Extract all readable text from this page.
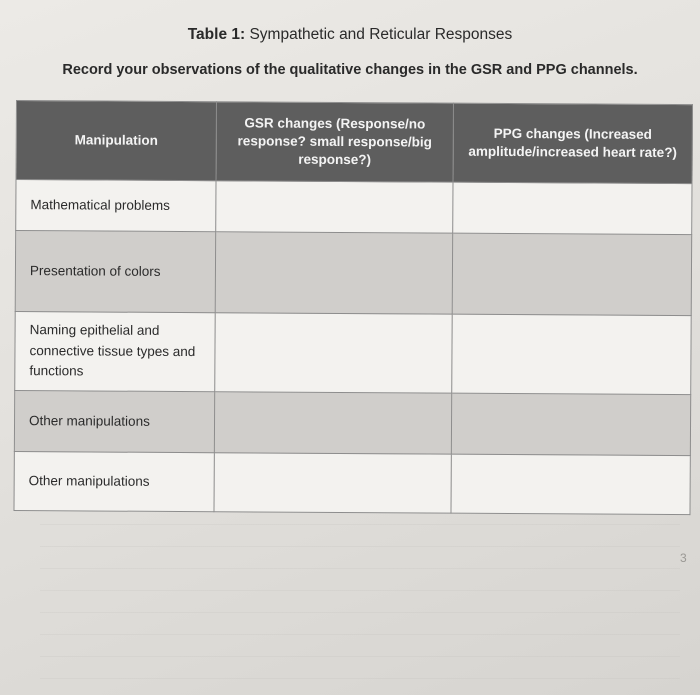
Table 1: Sympathetic and Reticular Responses
Record your observations of the qualitative changes in the GSR and PPG channels.
Manipulation	GSR changes (Response/no response? small response/big response?)	PPG changes (Increased amplitude/increased heart rate?)
Mathematical problems		
Presentation of colors		
Naming epithelial and connective tissue types and functions		
Other manipulations		
Other manipulations		
3
